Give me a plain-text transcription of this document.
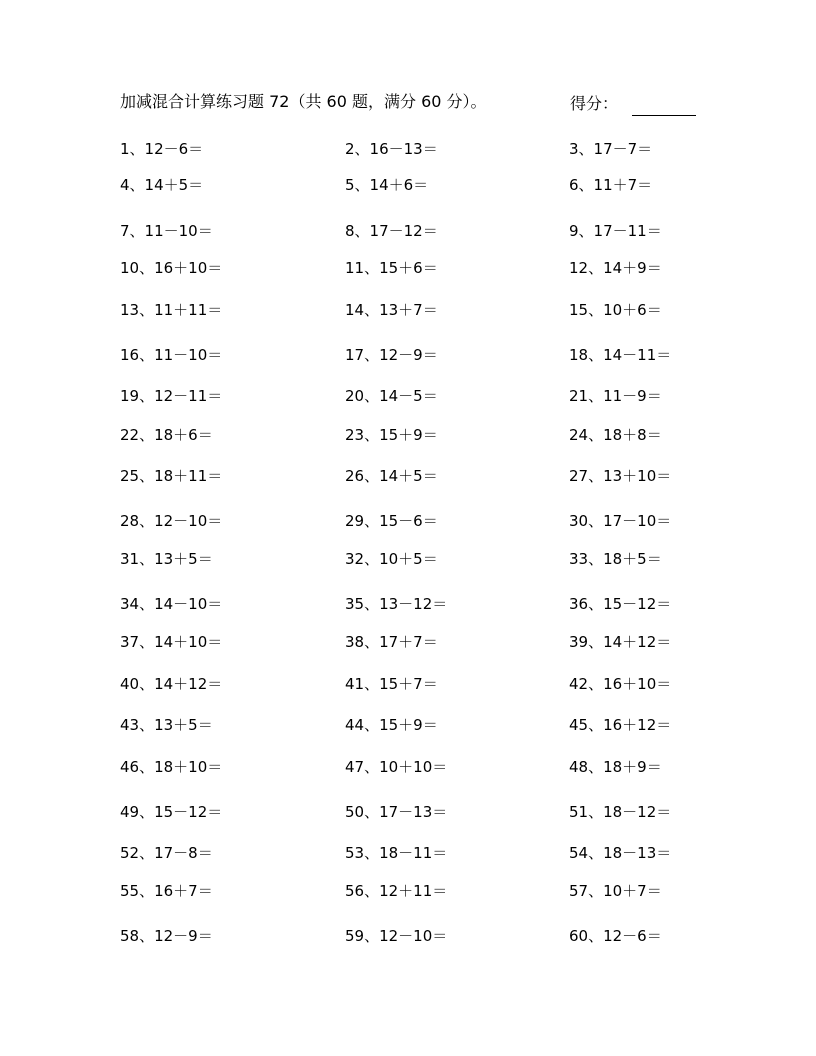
加减混合计算练习题 72（共 60 题，满分 60 分）。	得分：
1、12－6＝	2、16－13＝	3、17－7＝
4、14＋5＝	5、14＋6＝	6、11＋7＝
7、11－10＝	8、17－12＝	9、17－11＝
10、16＋10＝	11、15＋6＝	12、14＋9＝
13、11＋11＝	14、13＋7＝	15、10＋6＝
16、11－10＝	17、12－9＝	18、14－11＝
19、12－11＝	20、14－5＝	21、11－9＝
22、18＋6＝	23、15＋9＝	24、18＋8＝
25、18＋11＝	26、14＋5＝	27、13＋10＝
28、12－10＝	29、15－6＝	30、17－10＝
31、13＋5＝	32、10＋5＝	33、18＋5＝
34、14－10＝	35、13－12＝	36、15－12＝
37、14＋10＝	38、17＋7＝	39、14＋12＝
40、14＋12＝	41、15＋7＝	42、16＋10＝
43、13＋5＝	44、15＋9＝	45、16＋12＝
46、18＋10＝	47、10＋10＝	48、18＋9＝
49、15－12＝	50、17－13＝	51、18－12＝
52、17－8＝	53、18－11＝	54、18－13＝
55、16＋7＝	56、12＋11＝	57、10＋7＝
58、12－9＝	59、12－10＝	60、12－6＝
